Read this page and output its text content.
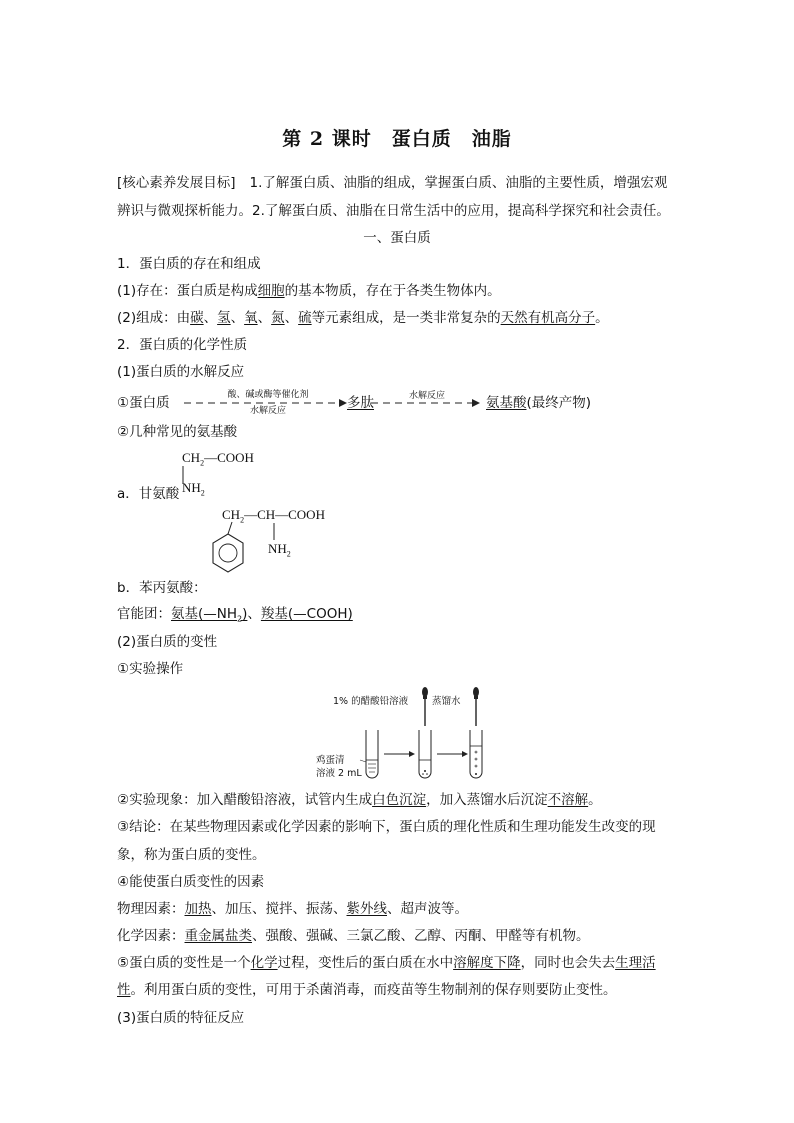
第 2 课时　蛋白质　油脂
[核心素养发展目标] 1.了解蛋白质、油脂的组成，掌握蛋白质、油脂的主要性质，增强宏观
辨识与微观探析能力。2.了解蛋白质、油脂在日常生活中的应用，提高科学探究和社会责任。
一、蛋白质
1．蛋白质的存在和组成
(1)存在：蛋白质是构成细胞的基本物质，存在于各类生物体内。
(2)组成：由碳、氢、氧、氮、硫等元素组成，是一类非常复杂的天然有机高分子。
2．蛋白质的化学性质
(1)蛋白质的水解反应
①蛋白质	酸、碱或酶等催化剂
水解反应	多肽	水解反应	氨基酸(最终产物)
②几种常见的氨基酸
$CH_2—COOH$
$NH_2$
a．甘氨酸
$CH_2—CH—COOH$
$NH_2$
b．苯丙氨酸：
官能团：氨基$(—NH_2)$、羧基(—COOH)
(2)蛋白质的变性
①实验操作
1% 的醋酸铅溶液	蒸馏水
鸡蛋清
溶液 2 mL
②实验现象：加入醋酸铅溶液，试管内生成白色沉淀，加入蒸馏水后沉淀不溶解。
③结论：在某些物理因素或化学因素的影响下，蛋白质的理化性质和生理功能发生改变的现
象，称为蛋白质的变性。
④能使蛋白质变性的因素
物理因素：加热、加压、搅拌、振荡、紫外线、超声波等。
化学因素：重金属盐类、强酸、强碱、三氯乙酸、乙醇、丙酮、甲醛等有机物。
⑤蛋白质的变性是一个化学过程，变性后的蛋白质在水中溶解度下降，同时也会失去生理活
性。利用蛋白质的变性，可用于杀菌消毒，而疫苗等生物制剂的保存则要防止变性。
(3)蛋白质的特征反应
